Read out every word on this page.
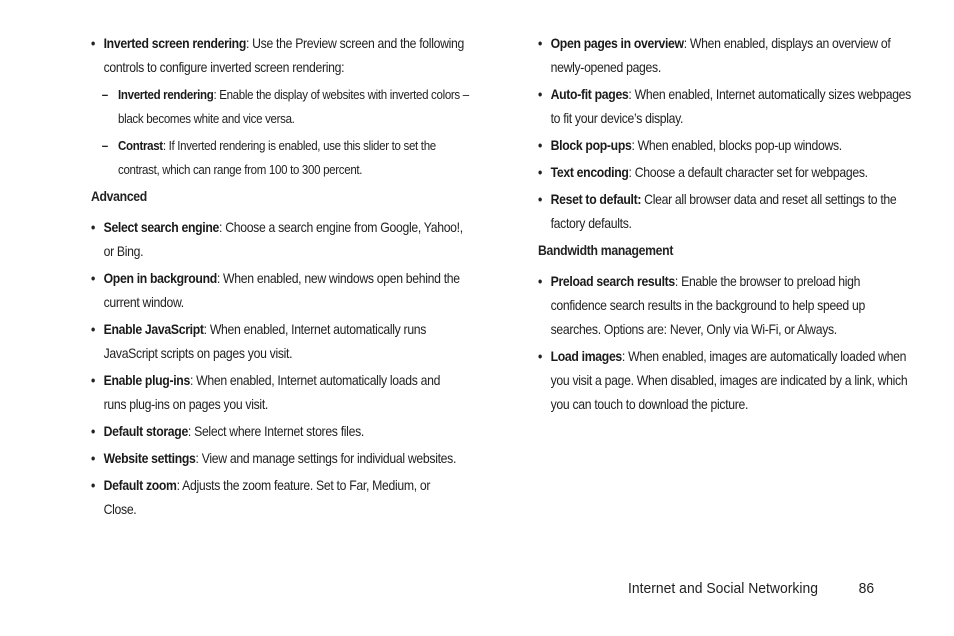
• Inverted screen rendering: Use the Preview screen and the following controls to configure inverted screen rendering:
– Inverted rendering: Enable the display of websites with inverted colors – black becomes white and vice versa.
– Contrast: If Inverted rendering is enabled, use this slider to set the contrast, which can range from 100 to 300 percent.
Advanced
• Select search engine: Choose a search engine from Google, Yahoo!, or Bing.
• Open in background: When enabled, new windows open behind the current window.
• Enable JavaScript: When enabled, Internet automatically runs JavaScript scripts on pages you visit.
• Enable plug-ins: When enabled, Internet automatically loads and runs plug-ins on pages you visit.
• Default storage: Select where Internet stores files.
• Website settings: View and manage settings for individual websites.
• Default zoom: Adjusts the zoom feature. Set to Far, Medium, or Close.
• Open pages in overview: When enabled, displays an overview of newly-opened pages.
• Auto-fit pages: When enabled, Internet automatically sizes webpages to fit your device’s display.
• Block pop-ups: When enabled, blocks pop-up windows.
• Text encoding: Choose a default character set for webpages.
• Reset to default: Clear all browser data and reset all settings to the factory defaults.
Bandwidth management
• Preload search results: Enable the browser to preload high confidence search results in the background to help speed up searches. Options are: Never, Only via Wi-Fi, or Always.
• Load images: When enabled, images are automatically loaded when you visit a page. When disabled, images are indicated by a link, which you can touch to download the picture.
Internet and Social Networking	86
